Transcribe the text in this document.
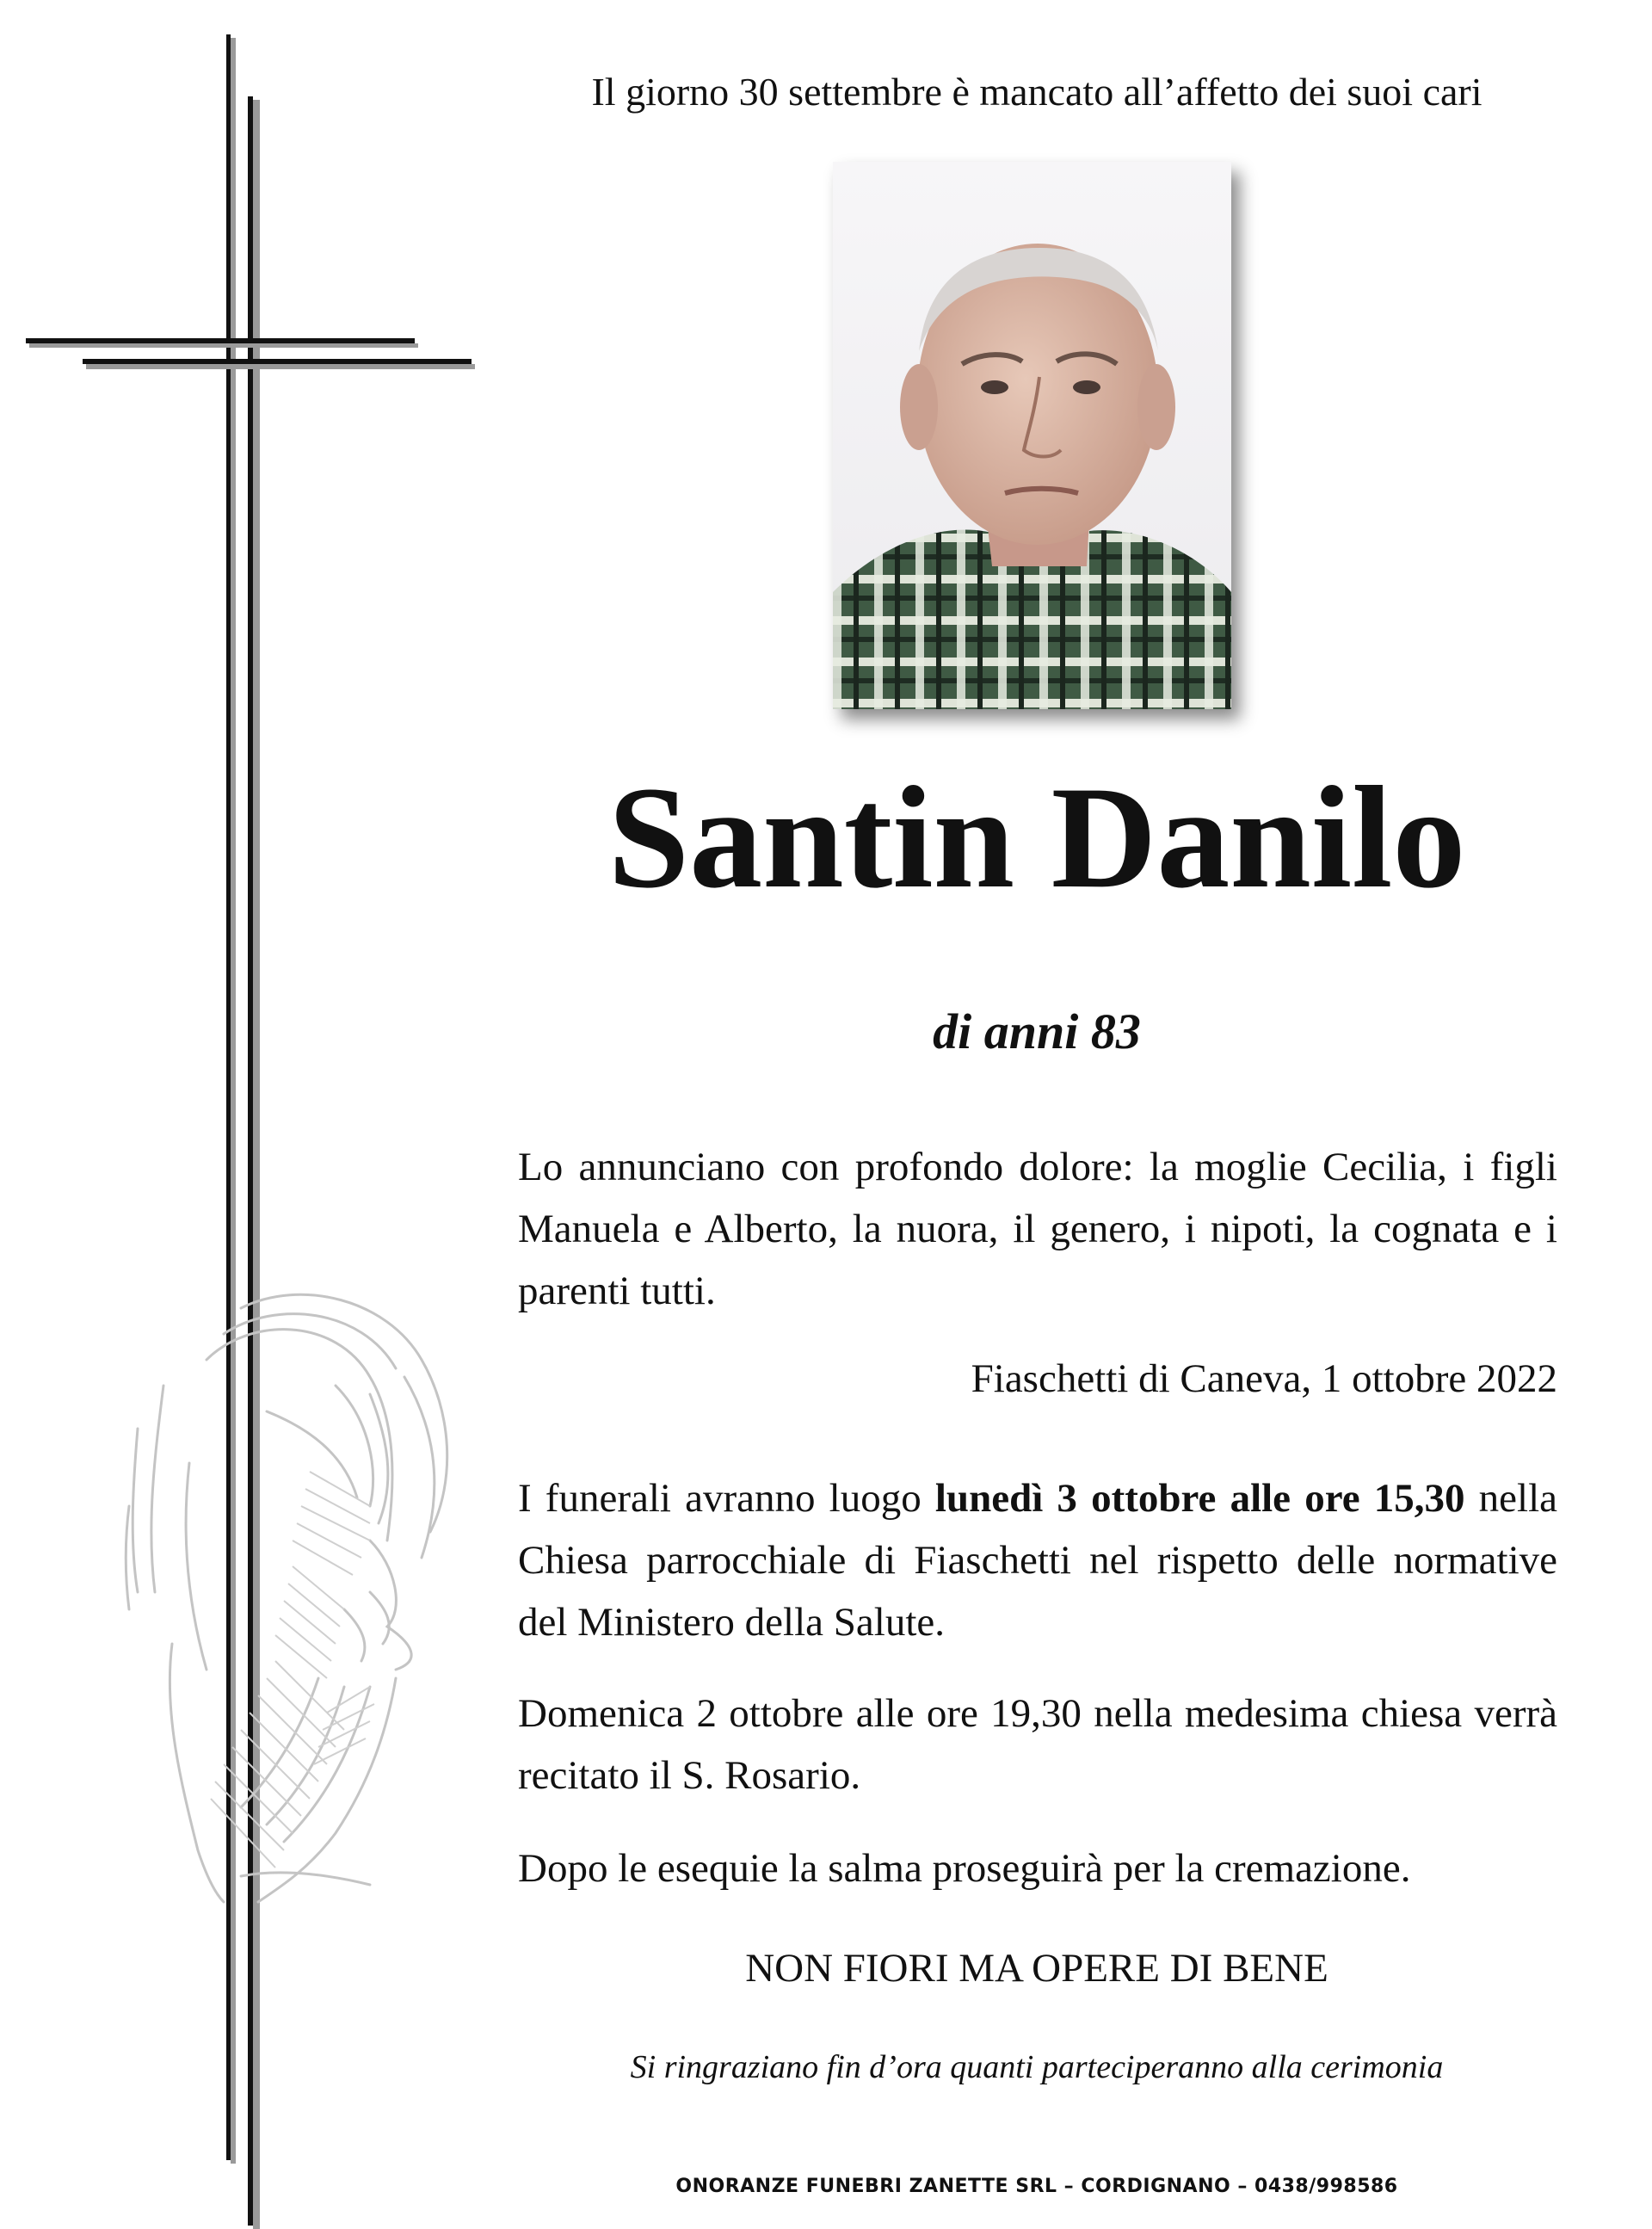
Il giorno 30 settembre è mancato all’affetto dei suoi cari

Santin Danilo

di anni 83

Lo annunciano con profondo dolore: la moglie Cecilia, i figli Manuela e Alberto, la nuora, il genero, i nipoti, la cognata e i parenti tutti.

Fiaschetti di Caneva, 1 ottobre 2022

I funerali avranno luogo lunedì 3 ottobre alle ore 15,30 nella Chiesa parrocchiale di Fiaschetti nel rispetto delle normative del Ministero della Salute.

Domenica 2 ottobre alle ore 19,30 nella medesima chiesa verrà recitato il S. Rosario.

Dopo le esequie la salma proseguirà per la cremazione.

NON FIORI MA OPERE DI BENE

Si ringraziano fin d’ora quanti parteciperanno alla cerimonia

ONORANZE FUNEBRI ZANETTE SRL – CORDIGNANO – 0438/998586
